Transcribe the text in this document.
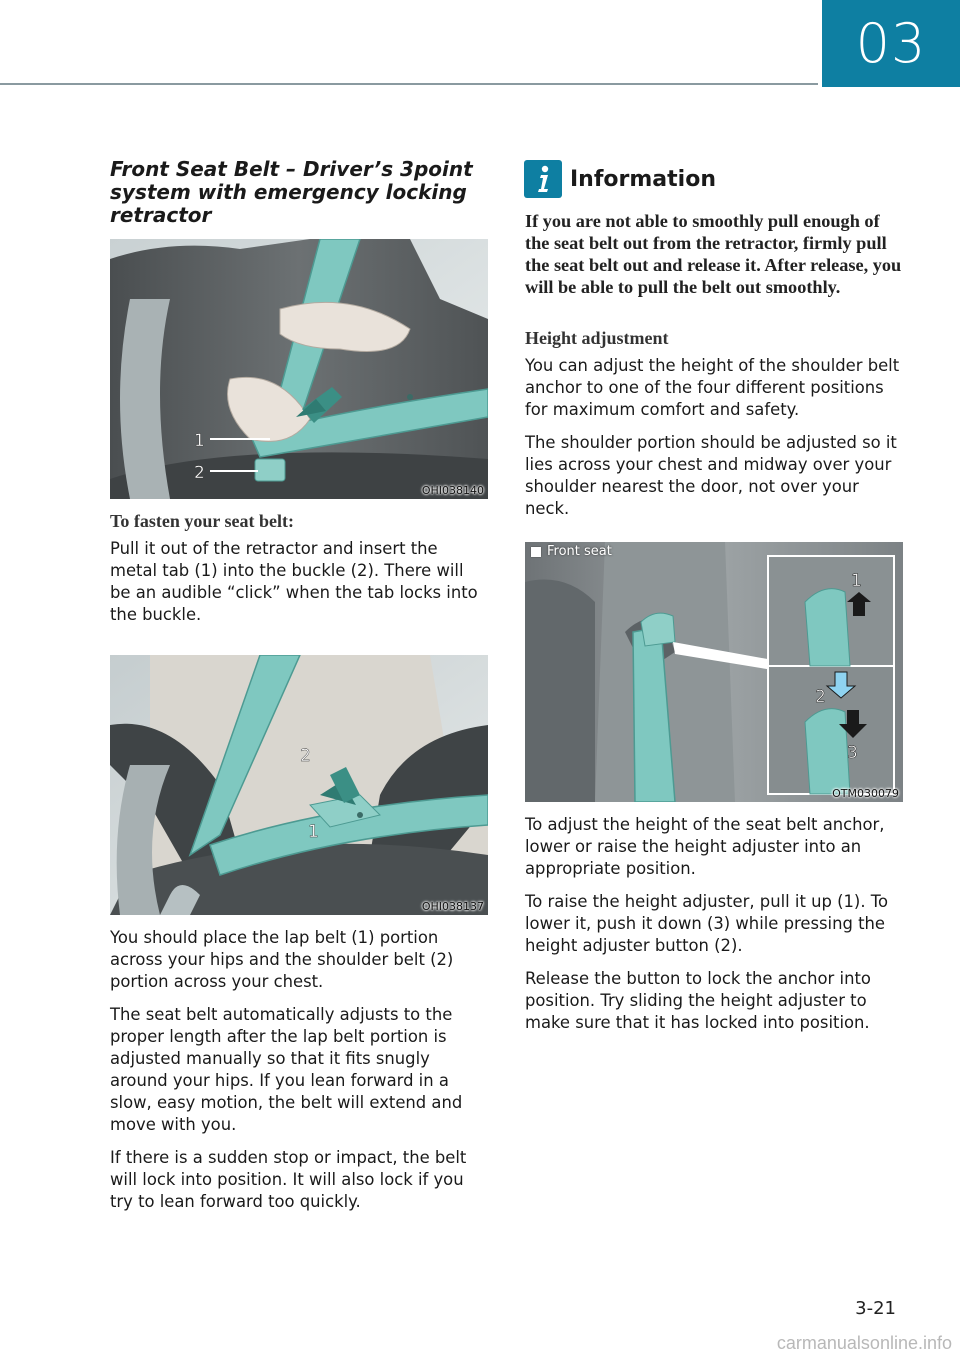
03
Front Seat Belt – Driver’s 3point system with emergency locking retractor
1
2
OHI038140
To fasten your seat belt:

Pull it out of the retractor and insert the metal tab (1) into the buckle (2). There will be an audible “click” when the tab locks into the buckle.

2
1
OHI038137

You should place the lap belt (1) portion across your hips and the shoulder belt (2) portion across your chest.

The seat belt automatically adjusts to the proper length after the lap belt portion is adjusted manually so that it fits snugly around your hips. If you lean forward in a slow, easy motion, the belt will extend and move with you.

If there is a sudden stop or impact, the belt will lock into position. It will also lock if you try to lean forward too quickly.

Information

If you are not able to smoothly pull enough of the seat belt out from the retractor, firmly pull the seat belt out and release it. After release, you will be able to pull the belt out smoothly.

Height adjustment

You can adjust the height of the shoulder belt anchor to one of the four different positions for maximum comfort and safety.

The shoulder portion should be adjusted so it lies across your chest and midway over your shoulder nearest the door, not over your neck.

1
2
3
Front seat
OTM030079

To adjust the height of the seat belt anchor, lower or raise the height adjuster into an appropriate position.

To raise the height adjuster, pull it up (1). To lower it, push it down (3) while pressing the height adjuster button (2).

Release the button to lock the anchor into position. Try sliding the height adjuster to make sure that it has locked into position.

3-21
carmanualsonline.info
